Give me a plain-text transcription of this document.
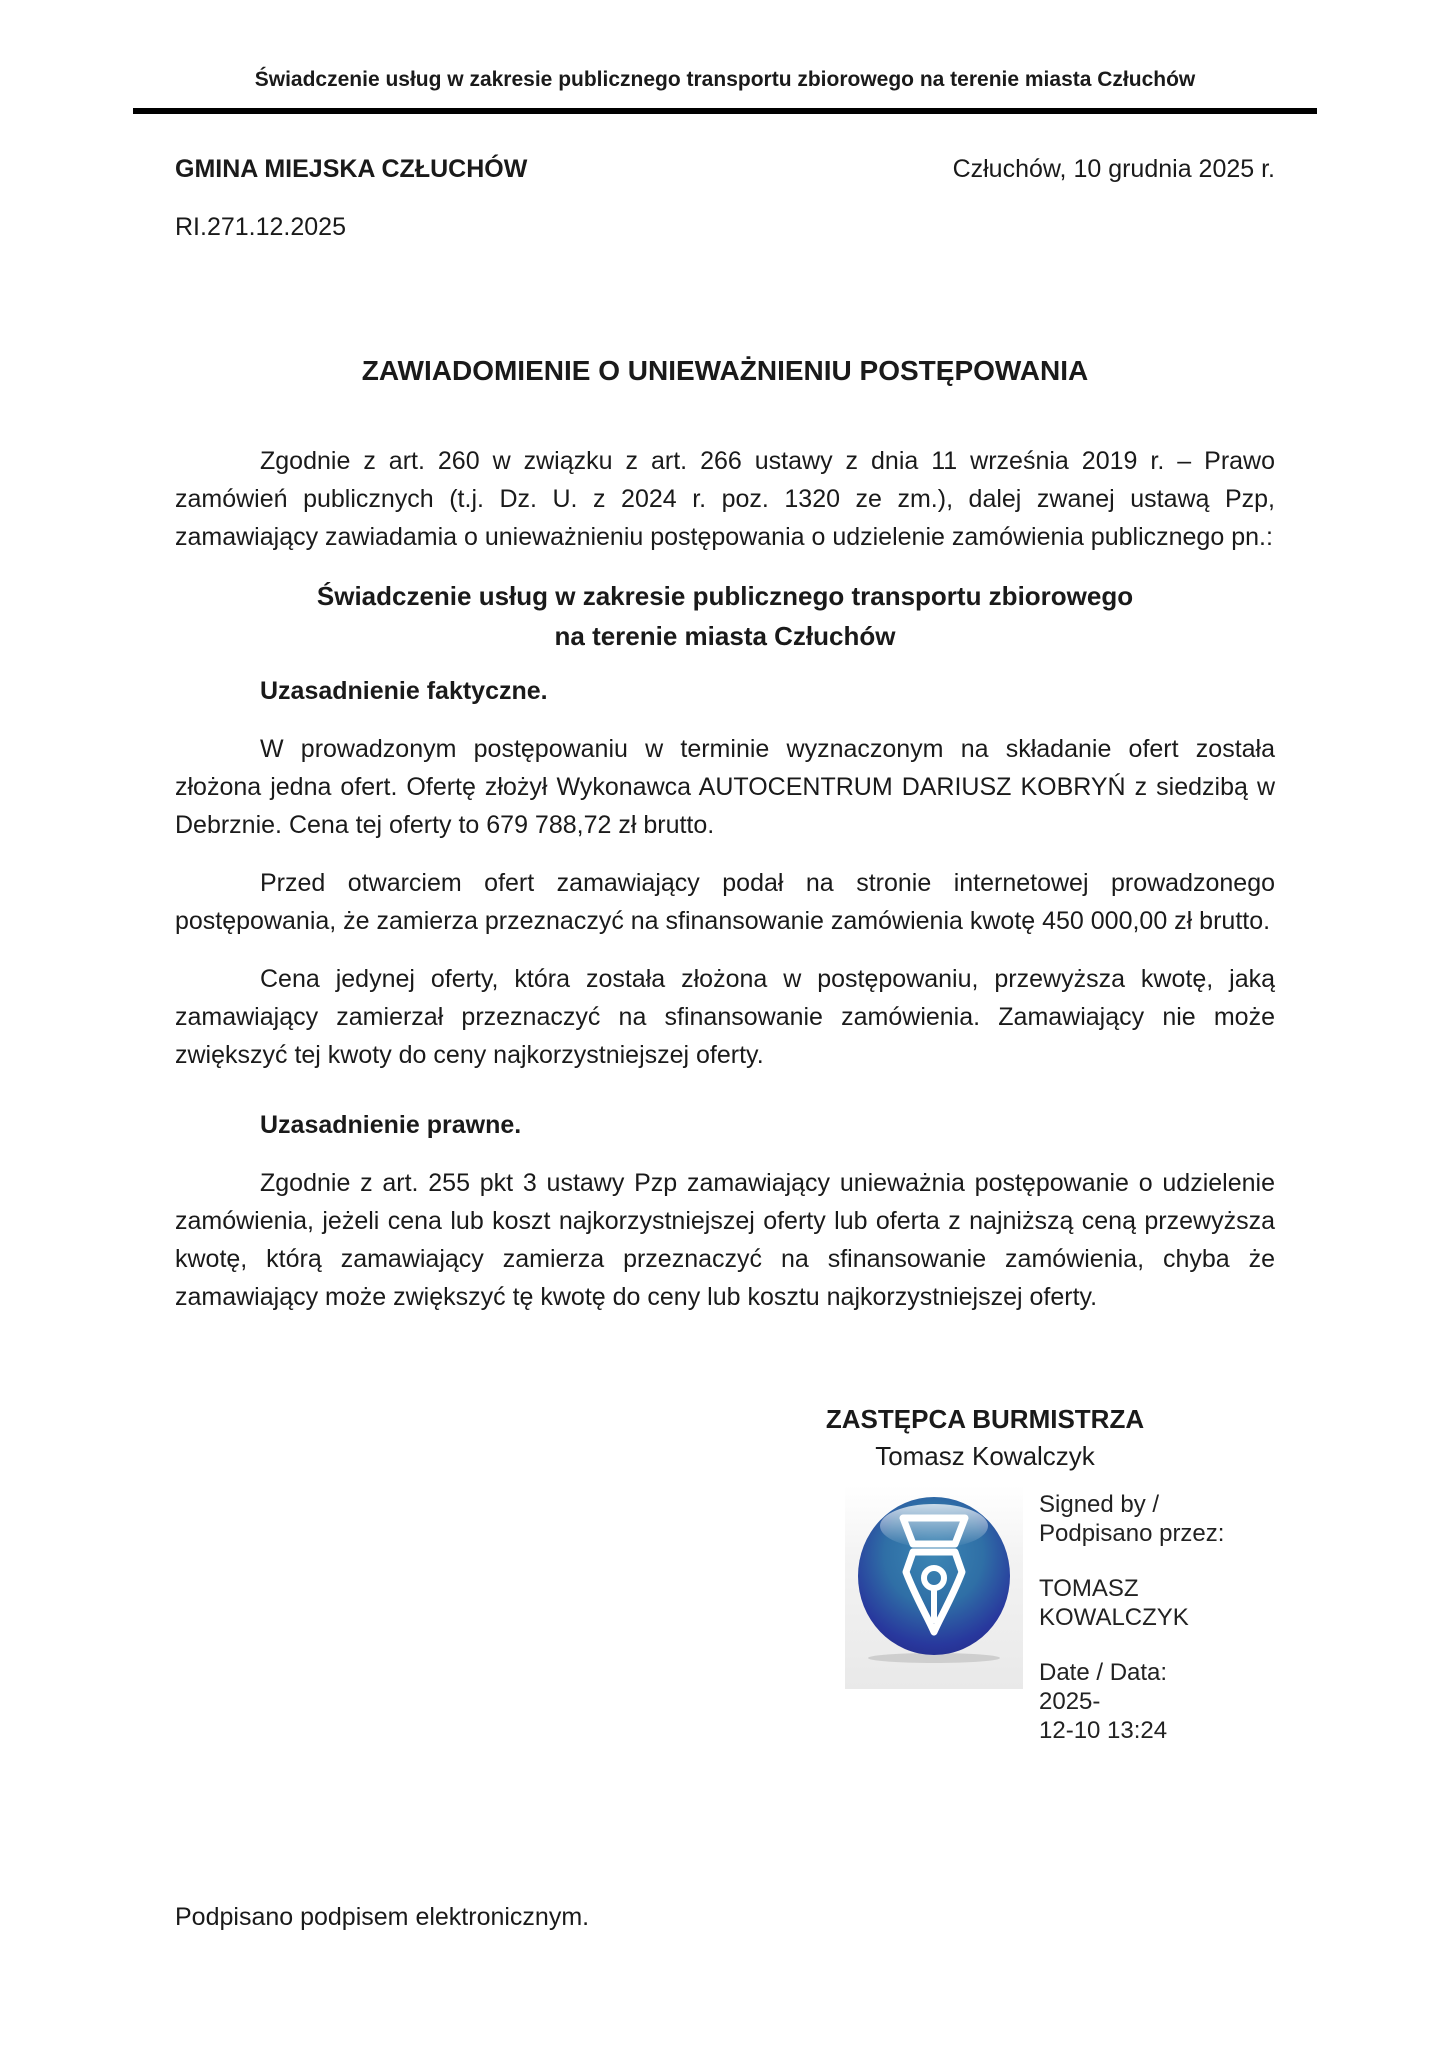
Świadczenie usług w zakresie publicznego transportu zbiorowego na terenie miasta Człuchów
GMINA MIEJSKA CZŁUCHÓW	Człuchów, 10 grudnia 2025 r.
RI.271.12.2025
ZAWIADOMIENIE O UNIEWAŻNIENIU POSTĘPOWANIA

Zgodnie z art. 260 w związku z art. 266 ustawy z dnia 11 września 2019 r. – Prawo zamówień publicznych (t.j. Dz. U. z 2024 r. poz. 1320 ze zm.), dalej zwanej ustawą Pzp, zamawiający zawiadamia o unieważnieniu postępowania o udzielenie zamówienia publicznego pn.:

Świadczenie usług w zakresie publicznego transportu zbiorowego
na terenie miasta Człuchów
Uzasadnienie faktyczne.

W prowadzonym postępowaniu w terminie wyznaczonym na składanie ofert została złożona jedna ofert. Ofertę złożył Wykonawca AUTOCENTRUM DARIUSZ KOBRYŃ z siedzibą w Debrznie. Cena tej oferty to 679 788,72 zł brutto.

Przed otwarciem ofert zamawiający podał na stronie internetowej prowadzonego postępowania, że zamierza przeznaczyć na sfinansowanie zamówienia kwotę 450 000,00 zł brutto.

Cena jedynej oferty, która została złożona w postępowaniu, przewyższa kwotę, jaką zamawiający zamierzał przeznaczyć na sfinansowanie zamówienia. Zamawiający nie może zwiększyć tej kwoty do ceny najkorzystniejszej oferty.

Uzasadnienie prawne.

Zgodnie z art. 255 pkt 3 ustawy Pzp zamawiający unieważnia postępowanie o udzielenie zamówienia, jeżeli cena lub koszt najkorzystniejszej oferty lub oferta z najniższą ceną przewyższa kwotę, którą zamawiający zamierza przeznaczyć na sfinansowanie zamówienia, chyba że zamawiający może zwiększyć tę kwotę do ceny lub kosztu najkorzystniejszej oferty.

ZASTĘPCA BURMISTRZA
Tomasz Kowalczyk
Signed by /
Podpisano przez:
TOMASZ
KOWALCZYK
Date / Data: 2025-
12-10 13:24
Podpisano podpisem elektronicznym.
